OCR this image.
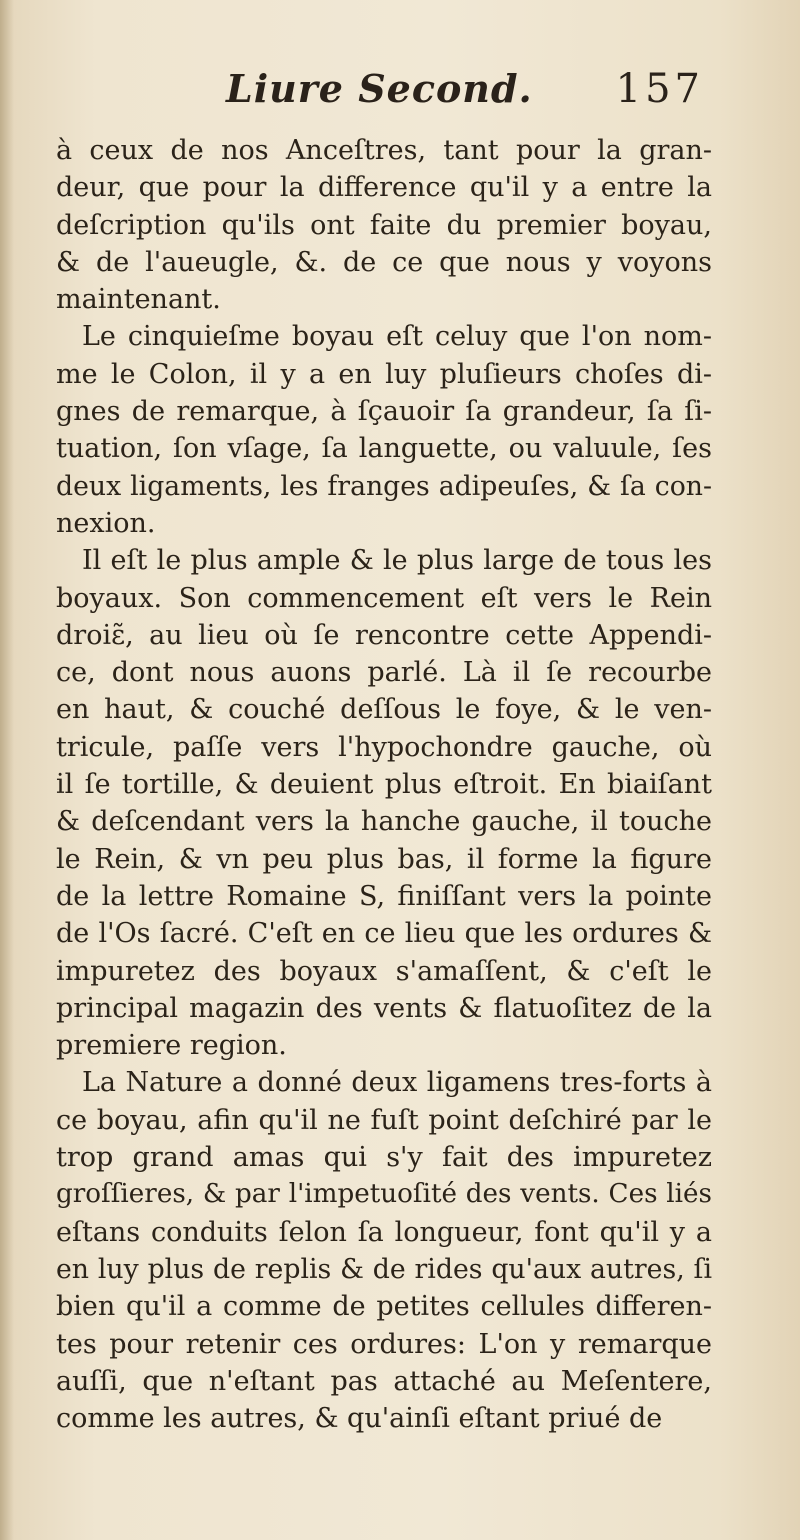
Liure Second. 157

à ceux de nos Anceſtres, tant pour la gran-
deur, que pour la difference qu'il y a entre la
deſcription qu'ils ont faite du premier boyau,
& de l'aueugle, &. de ce que nous y voyons
maintenant.

Le cinquieſme boyau eſt celuy que l'on nom-
me le Colon, il y a en luy pluſieurs choſes di-
gnes de remarque, à ſçauoir ſa grandeur, ſa ſi-
tuation, ſon vſage, ſa languette, ou valuule, ſes
deux ligaments, les franges adipeuſes, & ſa con-
nexion.

Il eſt le plus ample & le plus large de tous les
boyaux. Son commencement eſt vers le Rein
droiɛ̃, au lieu où ſe rencontre cette Appendi-
ce, dont nous auons parlé. Là il ſe recourbe
en haut, & couché deſſous le foye, & le ven-
tricule, paſſe vers l'hypochondre gauche, où
il ſe tortille, & deuient plus eſtroit. En biaiſant
& deſcendant vers la hanche gauche, il touche
le Rein, & vn peu plus bas, il forme la figure
de la lettre Romaine S, finiſſant vers la pointe
de l'Os ſacré. C'eſt en ce lieu que les ordures &
impuretez des boyaux s'amaſſent, & c'eſt le
principal magazin des vents & flatuoſitez de la
premiere region.

La Nature a donné deux ligamens tres-forts à
ce boyau, afin qu'il ne fuſt point deſchiré par le
trop grand amas qui s'y fait des impuretez
groſſieres, & par l'impetuoſité des vents. Ces liés
eſtans conduits ſelon ſa longueur, font qu'il y a
en luy plus de replis & de rides qu'aux autres, ſi
bien qu'il a comme de petites cellules differen-
tes pour retenir ces ordures: L'on y remarque
auſſi, que n'eſtant pas attaché au Meſentere,
comme les autres, & qu'ainſi eſtant priué de
